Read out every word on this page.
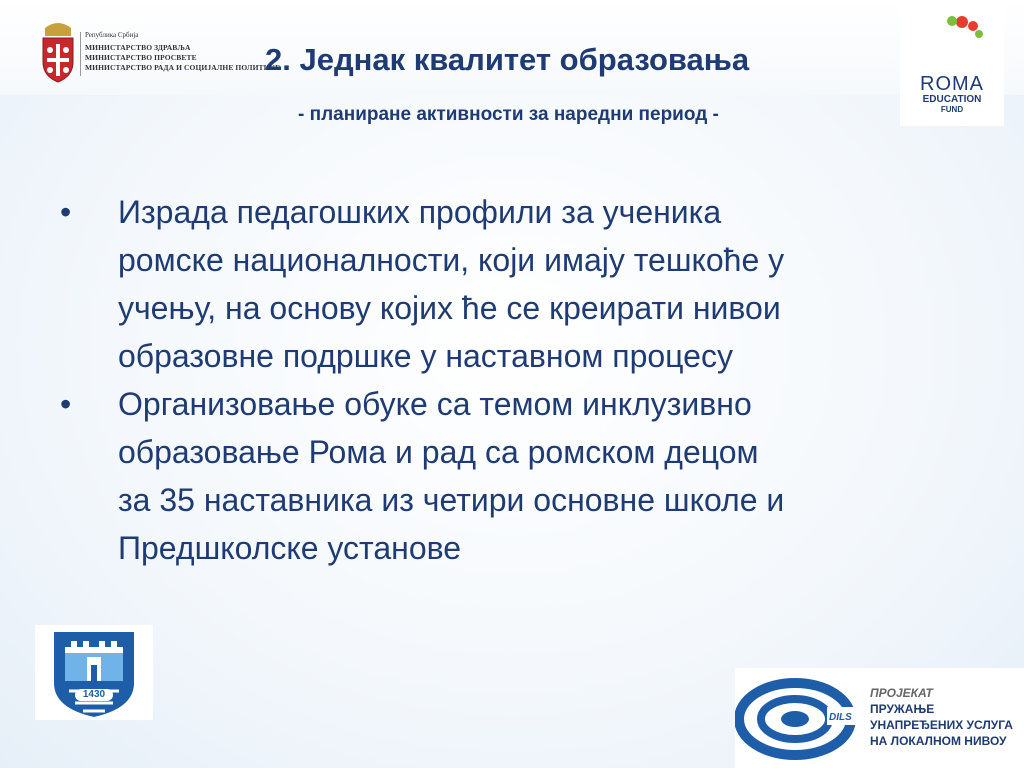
Република Србија
МИНИСТАРСТВО ЗДРАВЉА
МИНИСТАРСТВО ПРОСВЕТЕ
МИНИСТАРСТВО РАДА И СОЦИЈАЛНЕ ПОЛИТИКЕ
2. Једнак квалитет образовања
- планиране активности за наредни период -
ROMA
EDUCATION
FUND
• Израда педагошких профили за ученика
ромске националности, који имају тешкоће у
учењу, на основу којих ће се креирати нивои
образовне подршке у наставном процесу
• Организовање обуке са темом инклузивно
образовање Рома и рад са ромском децом
за 35 наставника из четири основне школе и
Предшколске установе
1430
DILS
ПРОЈЕКАТ
ПРУЖАЊЕ
УНАПРЕЂЕНИХ УСЛУГА
НА ЛОКАЛНОМ НИВОУ
